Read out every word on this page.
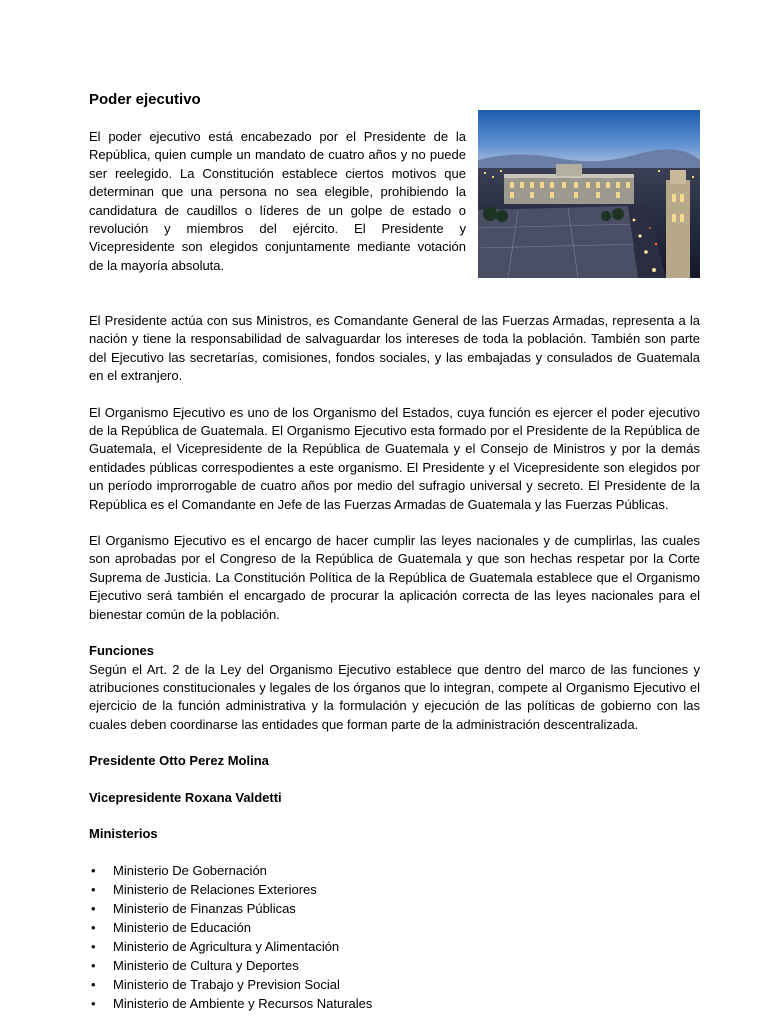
Poder ejecutivo

El poder ejecutivo está encabezado por el Presidente de la República, quien cumple un mandato de cuatro años y no puede ser reelegido. La Constitución establece ciertos motivos que determinan que una persona no sea elegible, prohibiendo la candidatura de caudillos o líderes de un golpe de estado o revolución y miembros del ejército. El Presidente y Vicepresidente son elegidos conjuntamente mediante votación de la mayoría absoluta.

El Presidente actúa con sus Ministros, es Comandante General de las Fuerzas Armadas, representa a la nación y tiene la responsabilidad de salvaguardar los intereses de toda la población. También son parte del Ejecutivo las secretarías, comisiones, fondos sociales, y las embajadas y consulados de Guatemala en el extranjero.

El Organismo Ejecutivo es uno de los Organismo del Estados, cuya función es ejercer el poder ejecutivo de la República de Guatemala. El Organismo Ejecutivo esta formado por el Presidente de la República de Guatemala, el Vicepresidente de la República de Guatemala y el Consejo de Ministros y por la demás entidades públicas correspodientes a este organismo. El Presidente y el Vicepresidente son elegidos por un período improrrogable de cuatro años por medio del sufragio universal y secreto. El Presidente de la República es el Comandante en Jefe de las Fuerzas Armadas de Guatemala y las Fuerzas Públicas.

El Organismo Ejecutivo es el encargo de hacer cumplir las leyes nacionales y de cumplirlas, las cuales son aprobadas por el Congreso de la República de Guatemala y que son hechas respetar por la Corte Suprema de Justicia. La Constitución Política de la República de Guatemala establece que el Organismo Ejecutivo será también el encargado de procurar la aplicación correcta de las leyes nacionales para el bienestar común de la población.

Funciones

Según el Art. 2 de la Ley del Organismo Ejecutivo establece que dentro del marco de las funciones y atribuciones constitucionales y legales de los órganos que lo integran, compete al Organismo Ejecutivo el ejercicio de la función administrativa y la formulación y ejecución de las políticas de gobierno con las cuales deben coordinarse las entidades que forman parte de la administración descentralizada.

Presidente Otto Perez Molina
Vicepresidente Roxana Valdetti
Ministerios
• Ministerio De Gobernación
• Ministerio de Relaciones Exteriores
• Ministerio de Finanzas Públicas
• Ministerio de Educación
• Ministerio de Agricultura y Alimentación
• Ministerio de Cultura y Deportes
• Ministerio de Trabajo y Prevision Social
• Ministerio de Ambiente y Recursos Naturales
